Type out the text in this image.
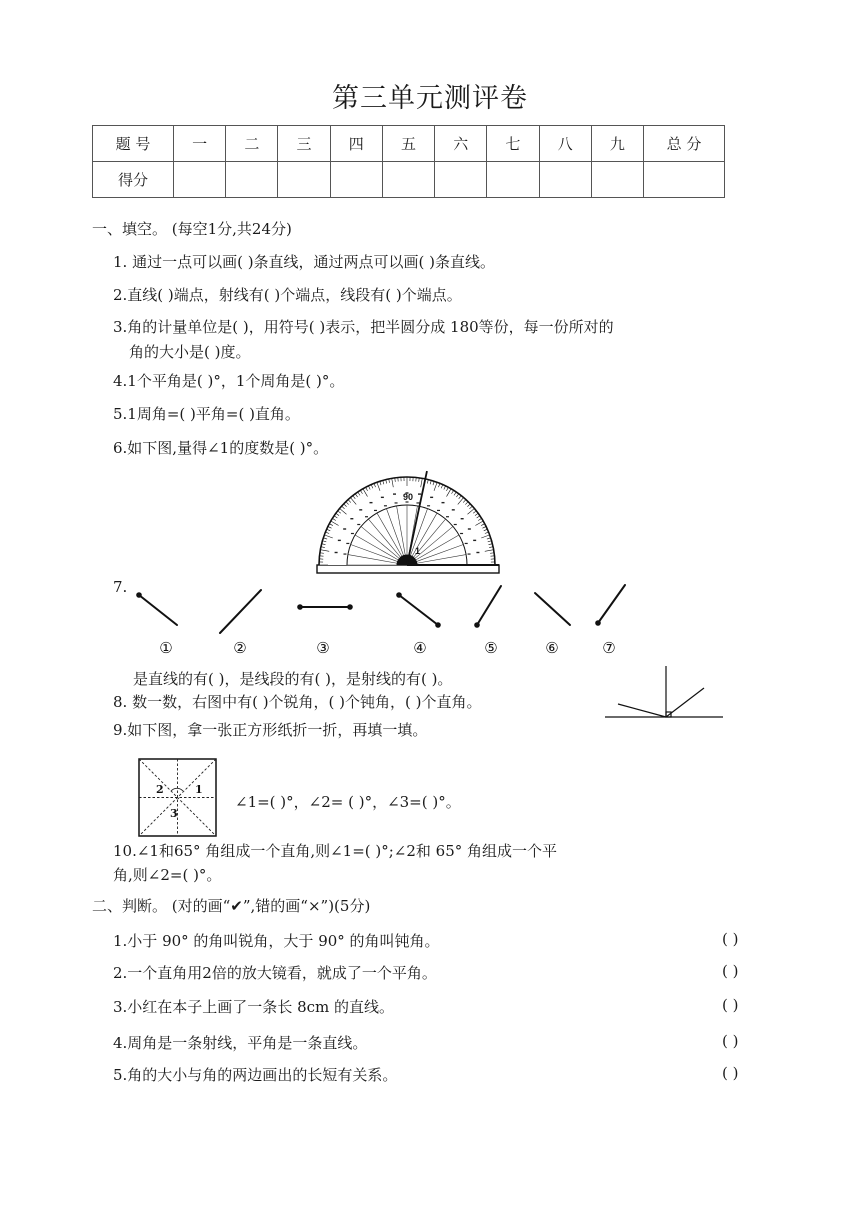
第三单元测评卷
题 号	一	二	三	四	五	六	七	八	九	总 分
得分										
一、填空。 (每空1分,共24分)
1. 通过一点可以画( )条直线，通过两点可以画( )条直线。
2.直线( )端点，射线有( )个端点，线段有( )个端点。
3.角的计量单位是( )，用符号( )表示，把半圆分成 180等份，每一份所对的
角的大小是( )度。
4.1个平角是( )°，1个周角是( )°。
5.1周角=( )平角=( )直角。
6.如下图,量得∠1的度数是( )°。
90
1
7.
①	②	③	④	⑤	⑥	⑦
是直线的有( )，是线段的有( )，是射线的有( )。
8. 数一数，右图中有( )个锐角，( )个钝角，( )个直角。
9.如下图，拿一张正方形纸折一折，再填一填。
1
2
3
∠1=( )°，∠2= ( )°，∠3=( )°。
10.∠1和65° 角组成一个直角,则∠1=( )°;∠2和 65° 角组成一个平
角,则∠2=( )°。
二、判断。 (对的画“✔”,错的画“×”)(5分)
1.小于 90° 的角叫锐角，大于 90° 的角叫钝角。	( )
2.一个直角用2倍的放大镜看，就成了一个平角。	( )
3.小红在本子上画了一条长 8cm 的直线。	( )
4.周角是一条射线，平角是一条直线。	( )
5.角的大小与角的两边画出的长短有关系。	( )
